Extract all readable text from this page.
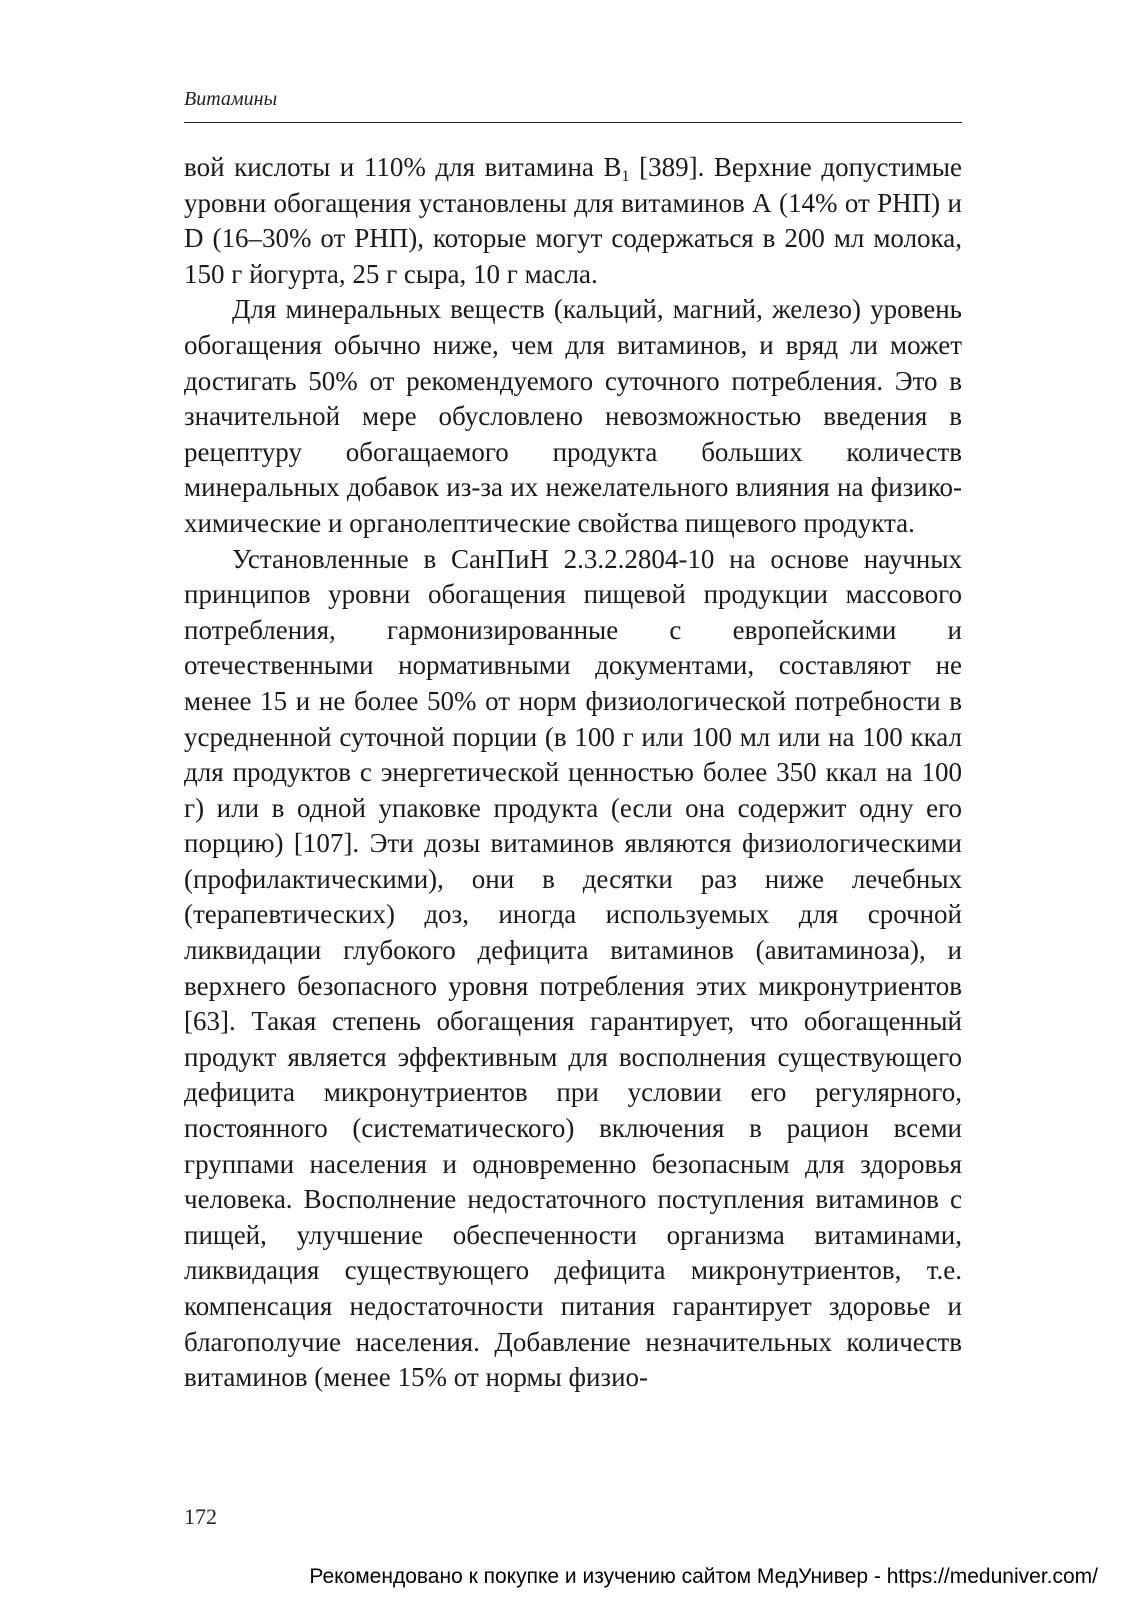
Витамины

вой кислоты и 110% для витамина $В_1$ [389]. Верхние допустимые уровни обогащения установлены для витаминов А (14% от РНП) и D (16–30% от РНП), которые могут содержаться в 200 мл молока, 150 г йогурта, 25 г сыра, 10 г масла.

Для минеральных веществ (кальций, магний, железо) уровень обогащения обычно ниже, чем для витаминов, и вряд ли может достигать 50% от рекомендуемого суточного потребления. Это в значительной мере обусловлено невозможностью введения в рецептуру обогащаемого продукта больших количеств минеральных добавок из-за их нежелательного влияния на физико-химические и органолептические свойства пищевого продукта.

Установленные в СанПиН 2.3.2.2804-10 на основе научных принципов уровни обогащения пищевой продукции массового потребления, гармонизированные с европейскими и отечественными нормативными документами, составляют не менее 15 и не более 50% от норм физиологической потребности в усредненной суточной порции (в 100 г или 100 мл или на 100 ккал для продуктов с энергетической ценностью более 350 ккал на 100 г) или в одной упаковке продукта (если она содержит одну его порцию) [107]. Эти дозы витаминов являются физиологическими (профилактическими), они в десятки раз ниже лечебных (терапевтических) доз, иногда используемых для срочной ликвидации глубокого дефицита витаминов (авитаминоза), и верхнего безопасного уровня потребления этих микронутриентов [63]. Такая степень обогащения гарантирует, что обогащенный продукт является эффективным для восполнения существующего дефицита микронутриентов при условии его регулярного, постоянного (систематического) включения в рацион всеми группами населения и одновременно безопасным для здоровья человека. Восполнение недостаточного поступления витаминов с пищей, улучшение обеспеченности организма витаминами, ликвидация существующего дефицита микронутриентов, т.е. компенсация недостаточности питания гарантирует здоровье и благополучие населения. Добавление незначительных количеств витаминов (менее 15% от нормы физио-

172
Рекомендовано к покупке и изучению сайтом МедУнивер - https://meduniver.com/
